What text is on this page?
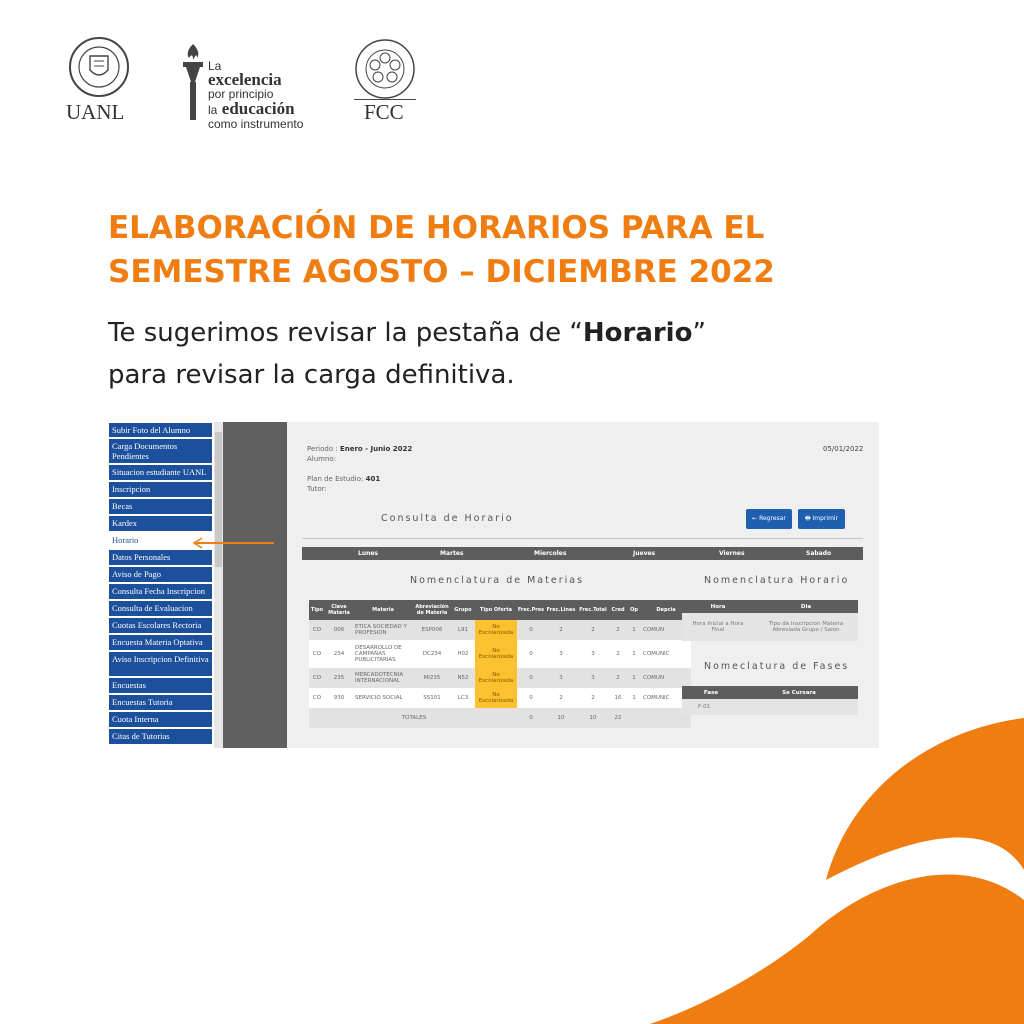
UANL
La
excelencia
por principio
la educación
como instrumento	FCC
ELABORACIÓN DE HORARIOS PARA EL
SEMESTRE AGOSTO – DICIEMBRE 2022
Te sugerimos revisar la pestaña de “Horario”
para revisar la carga definitiva.
Subir Foto del Alumno
Carga Documentos Pendientes
Situacion estudiante UANL
Inscripcion
Becas
Kardex
Horario
Datos Personales
Aviso de Pago
Consulta Fecha Inscripcion
Consulta de Evaluacion
Cuotas Escolares Rectoria
Encuesta Materia Optativa
Aviso Inscripcion Definitiva
Encuestas
Encuestas Tutoria
Cuota Interna
Citas de Tutorias
Periodo : Enero - Junio 2022
Alumno:
Plan de Estudio: 401
Tutor:
05/01/2022
Consulta de Horario	← Regresar	🖶 Imprimir
Lunes	Martes	Miercoles	Jueves	Viernes	Sabado
Nomenclatura de Materias	Nomenclatura Horario
Nomeclatura de Fases
Tipo	Clave Materia	Materia	Abreviación de Materia	Grupo	Tipo Oferta	Frec.Pres	Frec.Lines	Frec.Total	Cred	Op	Depcia
CO	006	ETICA SOCIEDAD Y PROFESION	ESP006	L91	No Escolarizada	0	2	2	2	1	COMUN
CO	234	DESARROLLO DE CAMPAÑAS PUBLICITARIAS	DC234	H02	No Escolarizada	0	3	3	2	1	COMUNIC
CO	235	MERCADOTECNIA INTERNACIONAL	MI235	N52	No Escolarizada	0	3	3	2	1	COMUN
CO	930	SERVICIO SOCIAL	SS101	LC3	No Escolarizada	0	2	2	16	1	COMUNIC
		TOTALES				0	10	10	22		
Hora	Dia
Hora Inicial a Hora Final	Tipo de Inscripcion Materia Abreviada Grupo / Salon
Fase	Se Cursara
F-01	
